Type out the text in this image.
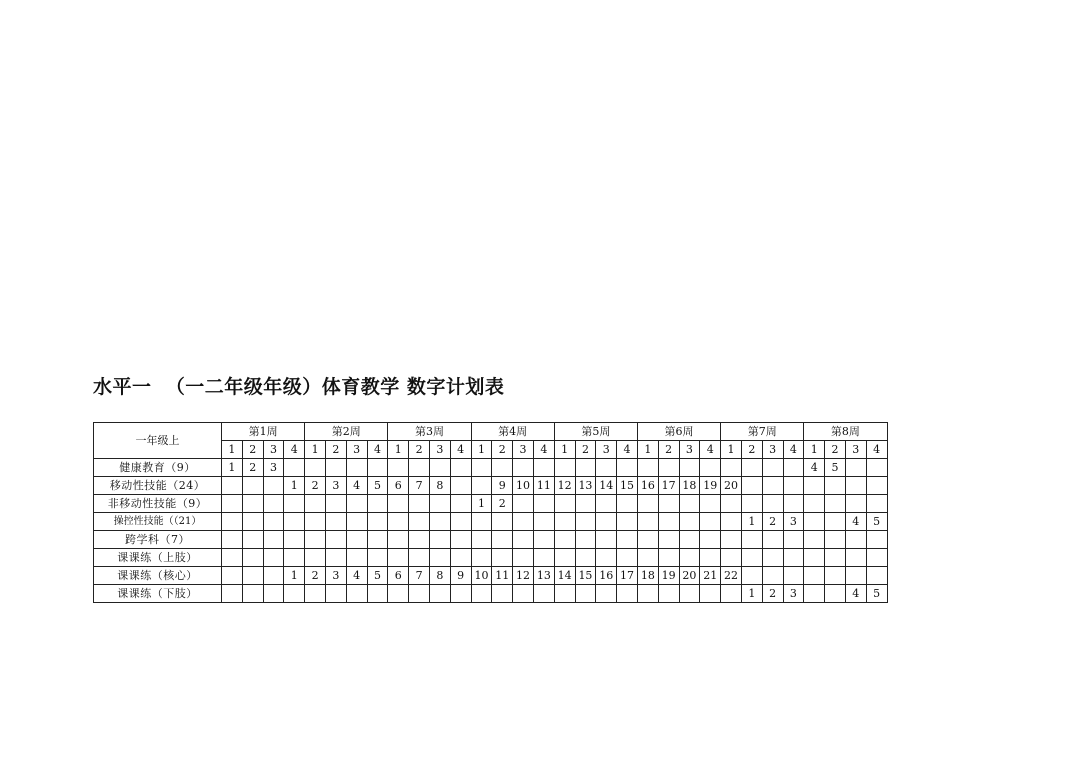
水平一  （一二年级年级）体育教学 数字计划表
一年级上	第1周				第2周				第3周				第4周				第5周				第6周				第7周				第8周			
	1	2	3	4	1	2	3	4	1	2	3	4	1	2	3	4	1	2	3	4	1	2	3	4	1	2	3	4	1	2	3	4
健康教育（9）	1	2	3																										4	5		
移动性技能（24）				1	2	3	4	5	6	7	8			9	10	11	12	13	14	15	16	17	18	19	20							
非移动性技能（9）													1	2																		
操控性技能（（21）																										1	2	3			4	5
跨学科（7）																																
课课练（上肢）																																
课课练（核心）				1	2	3	4	5	6	7	8	9	10	11	12	13	14	15	16	17	18	19	20	21	22							
课课练（下肢）																										1	2	3			4	5
